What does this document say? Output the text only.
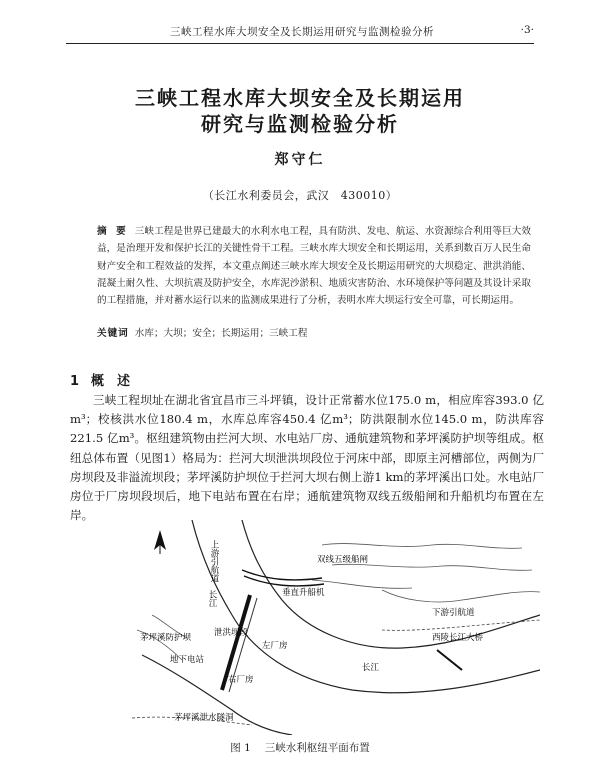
三峡工程水库大坝安全及长期运用研究与监测检验分析	·3·
三峡工程水库大坝安全及长期运用
研究与监测检验分析
郑守仁
（长江水利委员会，武汉　430010）
摘 要 三峡工程是世界已建最大的水利水电工程，具有防洪、发电、航运、水资源综合利用等巨大效益，是治理开发和保护长江的关键性骨干工程。三峡水库大坝安全和长期运用，关系到数百万人民生命财产安全和工程效益的发挥，本文重点阐述三峡水库大坝安全及长期运用研究的大坝稳定、泄洪消能、混凝土耐久性、大坝抗震及防护安全，水库泥沙淤积、地质灾害防治、水环境保护等问题及其设计采取的工程措施，并对蓄水运行以来的监测成果进行了分析，表明水库大坝运行安全可靠，可长期运用。
关键词 水库；大坝；安全；长期运用；三峡工程
1 概　述

三峡工程坝址在湖北省宜昌市三斗坪镇，设计正常蓄水位175.0 m，相应库容393.0 亿m³；校核洪水位180.4 m，水库总库容450.4 亿m³；防洪限制水位145.0 m，防洪库容221.5 亿m³。枢纽建筑物由拦河大坝、水电站厂房、通航建筑物和茅坪溪防护坝等组成。枢纽总体布置（见图1）格局为：拦河大坝泄洪坝段位于河床中部，即原主河槽部位，两侧为厂房坝段及非溢流坝段；茅坪溪防护坝位于拦河大坝右侧上游1 km的茅坪溪出口处。水电站厂房位于厂房坝段坝后，地下电站布置在右岸；通航建筑物双线五级船闸和升船机均布置在左岸。

上游引航道	双线五级船闸
垂直升船机
长江
泄洪坝段
左厂房
茅坪溪防护坝
地下电站
右厂房
茅坪溪泄水隧洞
下游引航道
西陵长江大桥
长江
图 1 三峡水利枢纽平面布置
